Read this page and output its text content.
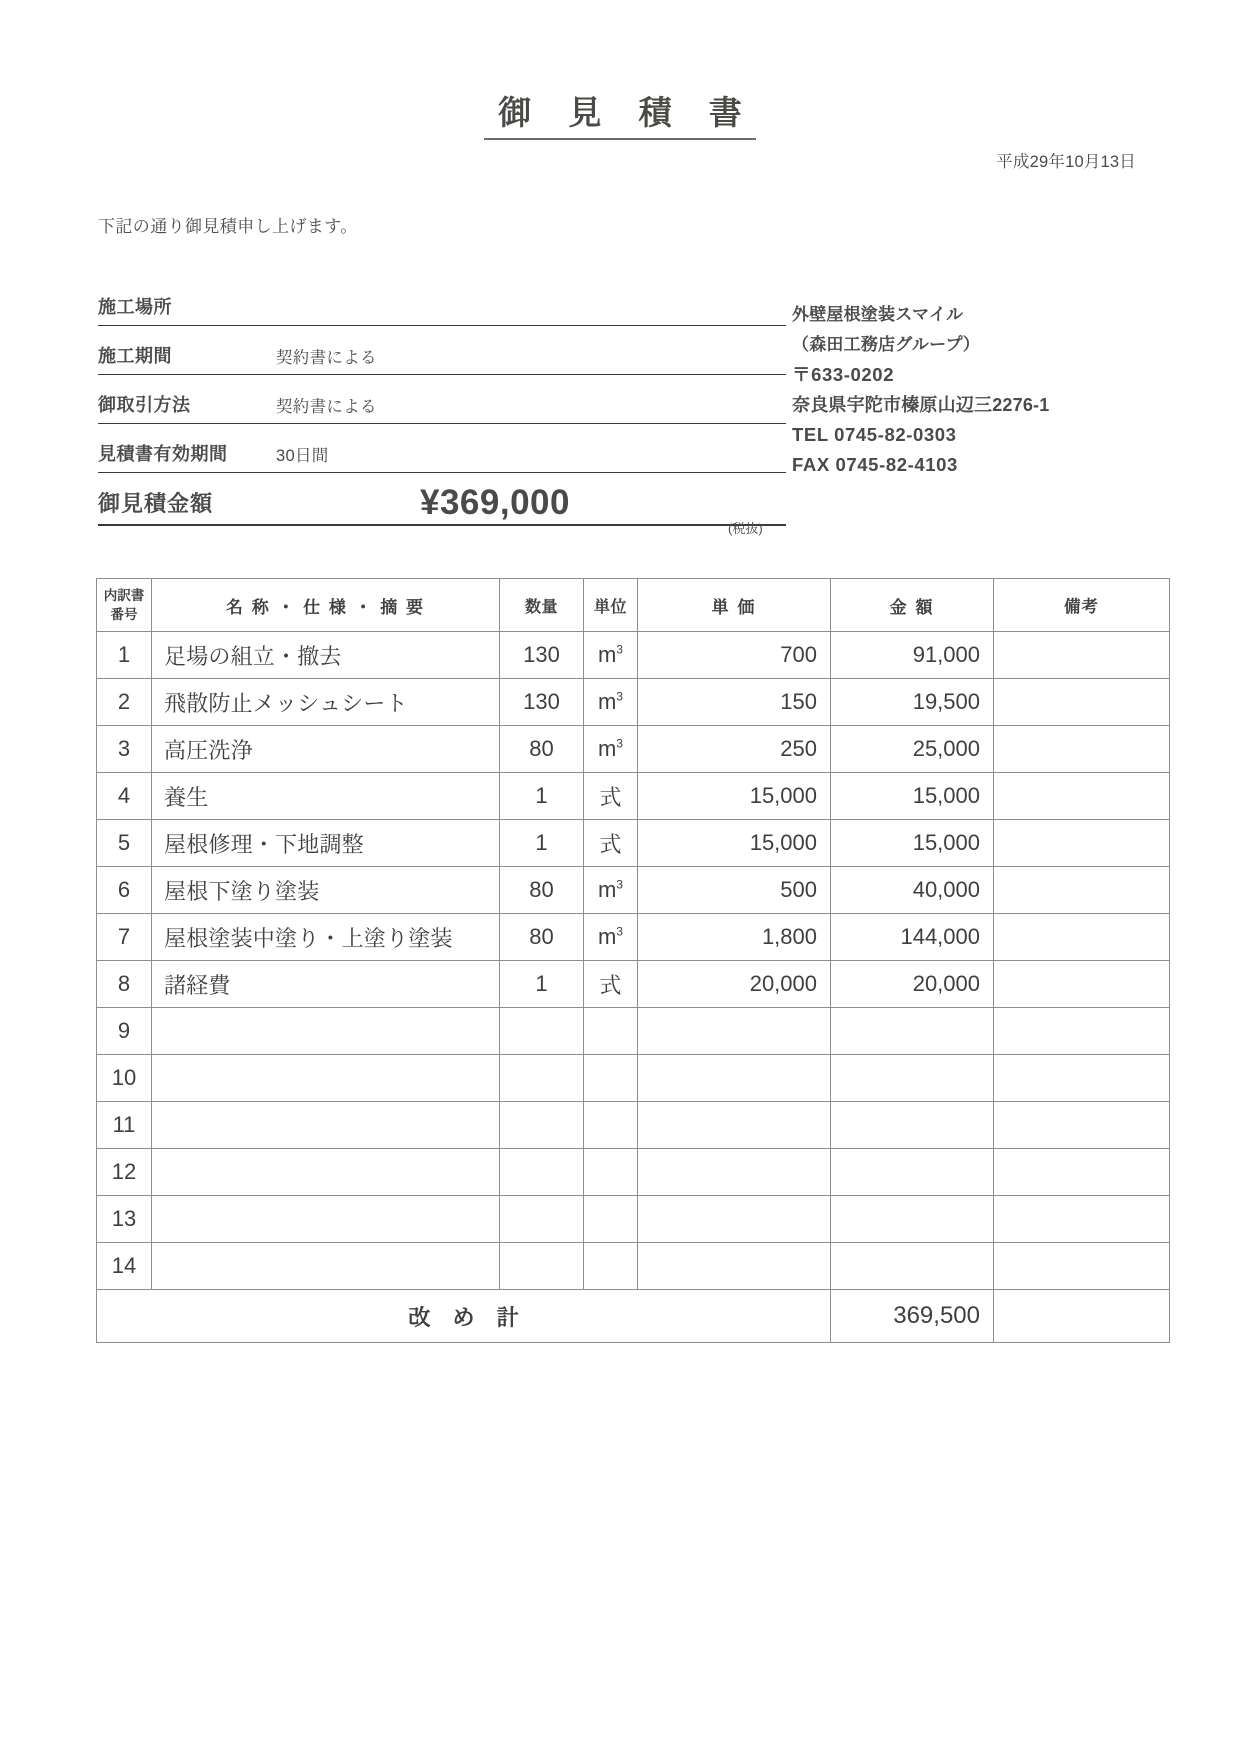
御 見 積 書
平成29年10月13日
下記の通り御見積申し上げます。
施工場所
施工期間	契約書による
御取引方法	契約書による
見積書有効期間	30日間
御見積金額	¥369,000
(税抜)
外壁屋根塗装スマイル
（森田工務店グループ）
〒633-0202
奈良県宇陀市榛原山辺三2276-1
TEL 0745-82-0303
FAX 0745-82-4103
内訳書
番号	名 称 ・ 仕 様 ・ 摘 要	数量	単位	単 価	金 額	備考
1	足場の組立・撤去	130	$m^3$	700	91,000	
2	飛散防止メッシュシート	130	$m^3$	150	19,500	
3	高圧洗浄	80	$m^3$	250	25,000	
4	養生	1	式	15,000	15,000	
5	屋根修理・下地調整	1	式	15,000	15,000	
6	屋根下塗り塗装	80	$m^3$	500	40,000	
7	屋根塗装中塗り・上塗り塗装	80	$m^3$	1,800	144,000	
8	諸経費	1	式	20,000	20,000	
9						
10						
11						
12						
13						
14						
改 め 計					369,500	
